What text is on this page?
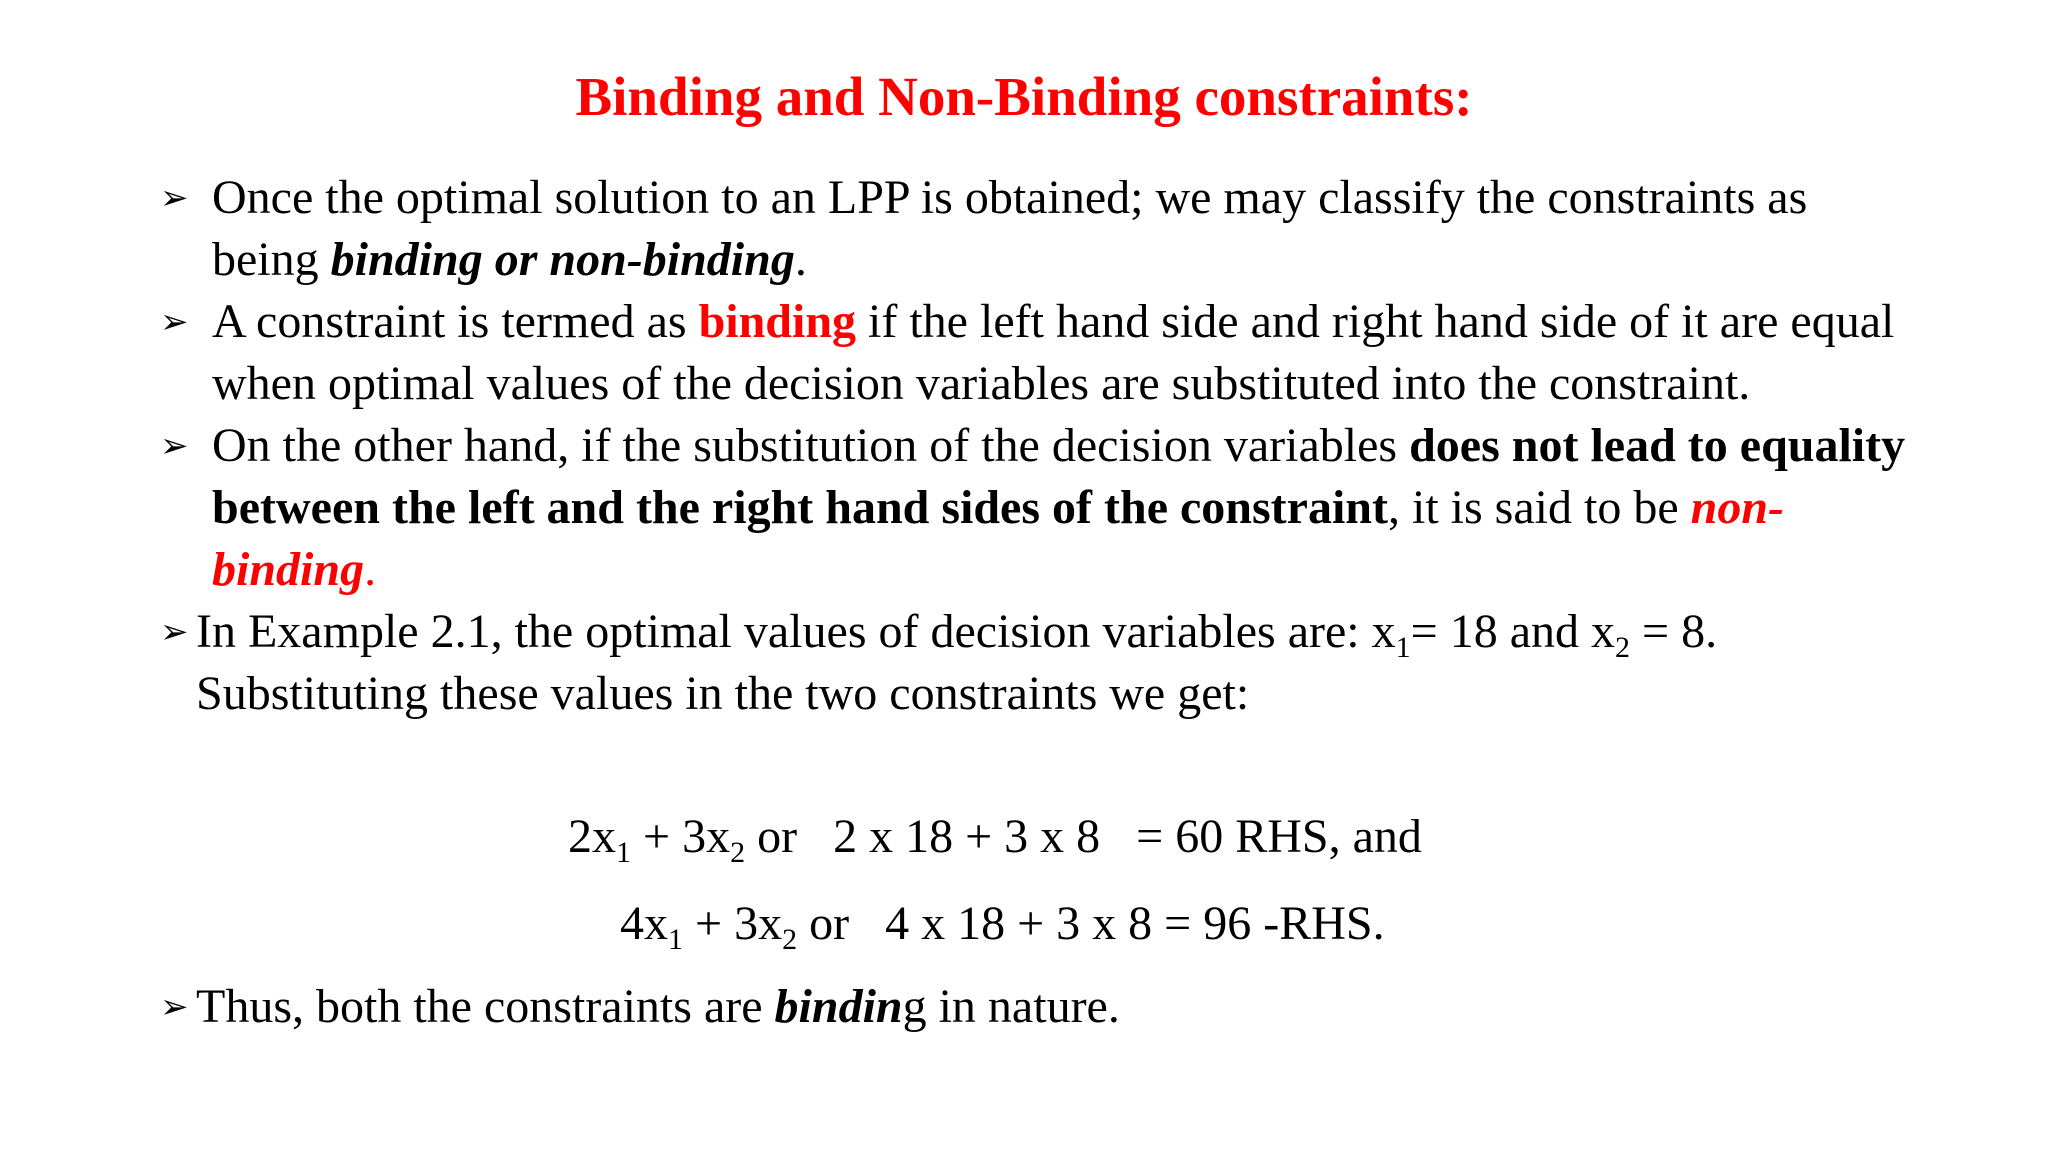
Binding and Non-Binding constraints:
➢ Once the optimal solution to an LPP is obtained; we may classify the constraints as being binding or non-binding.
➢ A constraint is termed as binding if the left hand side and right hand side of it are equal when optimal values of the decision variables are substituted into the constraint.
➢ On the other hand, if the substitution of the decision variables does not lead to equality between the left and the right hand sides of the constraint, it is said to be non-binding.
➢ In Example 2.1, the optimal values of decision variables are: $x_1= 18$ and $x_2 = 8$. Substituting these values in the two constraints we get:
$2x_1 + 3x_2$ or   2 x 18 + 3 x 8   = 60 RHS, and
$4x_1 + 3x_2$ or   4 x 18 + 3 x 8 = 96 -RHS.
➢ Thus, both the constraints are binding in nature.
